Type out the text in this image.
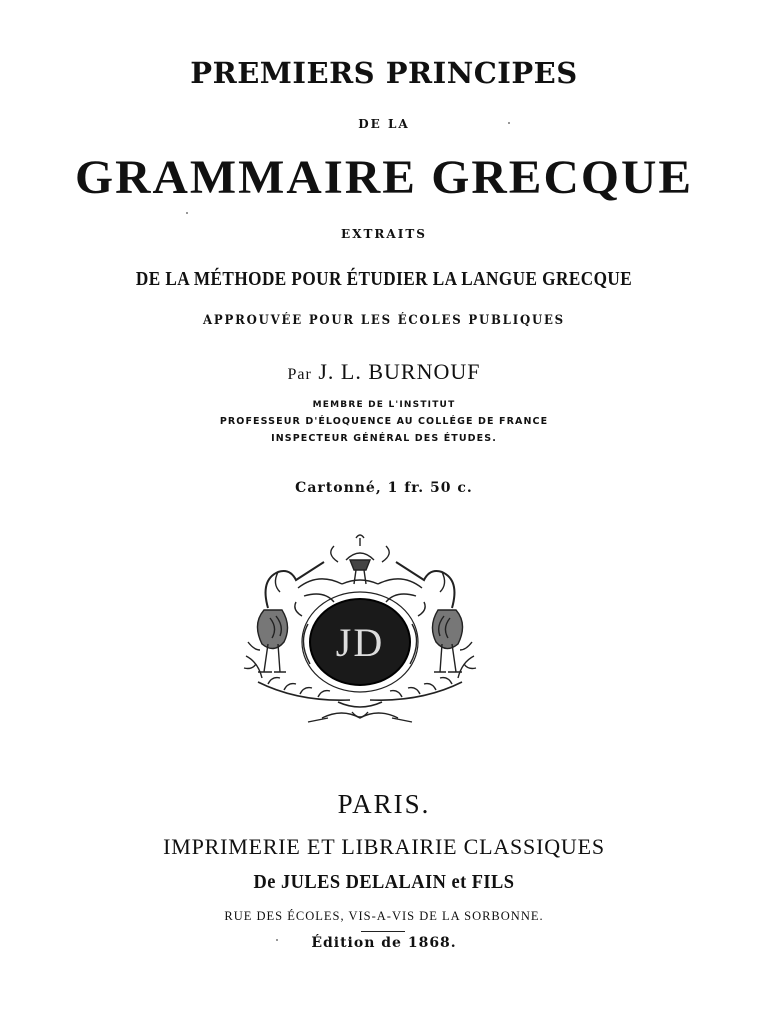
PREMIERS PRINCIPES
DE LA
GRAMMAIRE GRECQUE
EXTRAITS
DE LA MÉTHODE POUR ÉTUDIER LA LANGUE GRECQUE
APPROUVÉE POUR LES ÉCOLES PUBLIQUES
Par J. L. BURNOUF
MEMBRE DE L'INSTITUT
PROFESSEUR D'ÉLOQUENCE AU COLLÉGE DE FRANCE
INSPECTEUR GÉNÉRAL DES ÉTUDES.
Cartonné, 1 fr. 50 c.
JD
PARIS.
IMPRIMERIE ET LIBRAIRIE CLASSIQUES
De JULES DELALAIN et FILS
RUE DES ÉCOLES, VIS-A-VIS DE LA SORBONNE.
Édition de 1868.
